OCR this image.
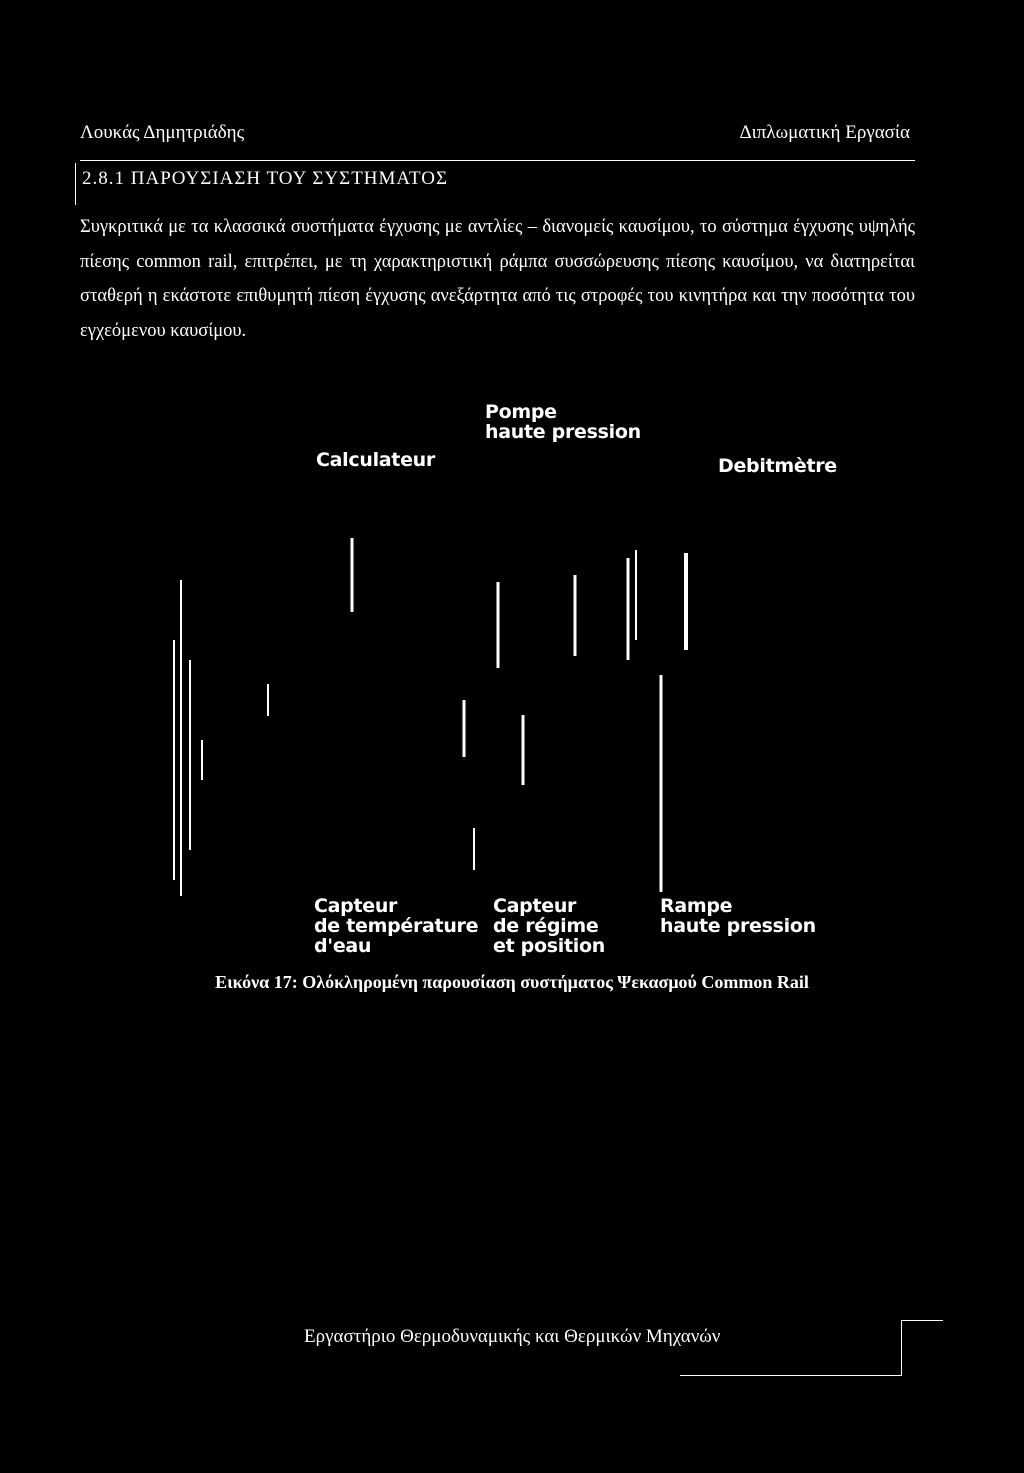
Λουκάς Δημητριάδης	Διπλωματική Εργασία
2.8.1 ΠΑΡΟΥΣΙΑΣΗ ΤΟΥ ΣΥΣΤΗΜΑΤΟΣ
Συγκριτικά με τα κλασσικά συστήματα έγχυσης με αντλίες – διανομείς καυσίμου, το σύστημα έγχυσης υψηλής πίεσης common rail, επιτρέπει, με τη χαρακτηριστική ράμπα συσσώρευσης πίεσης καυσίμου, να διατηρείται σταθερή η εκάστοτε επιθυμητή πίεση έγχυσης ανεξάρτητα από τις στροφές του κινητήρα και την ποσότητα του εγχεόμενου καυσίμου.
Pompe
haute pression
Calculateur	Debitmètre
Capteur
de température
d'eau
Capteur
de régime
et position
Rampe
haute pression
Εικόνα 17: Ολόκληρομένη παρουσίαση συστήματος Ψεκασμού Common Rail
Εργαστήριο Θερμοδυναμικής και Θερμικών Μηχανών
